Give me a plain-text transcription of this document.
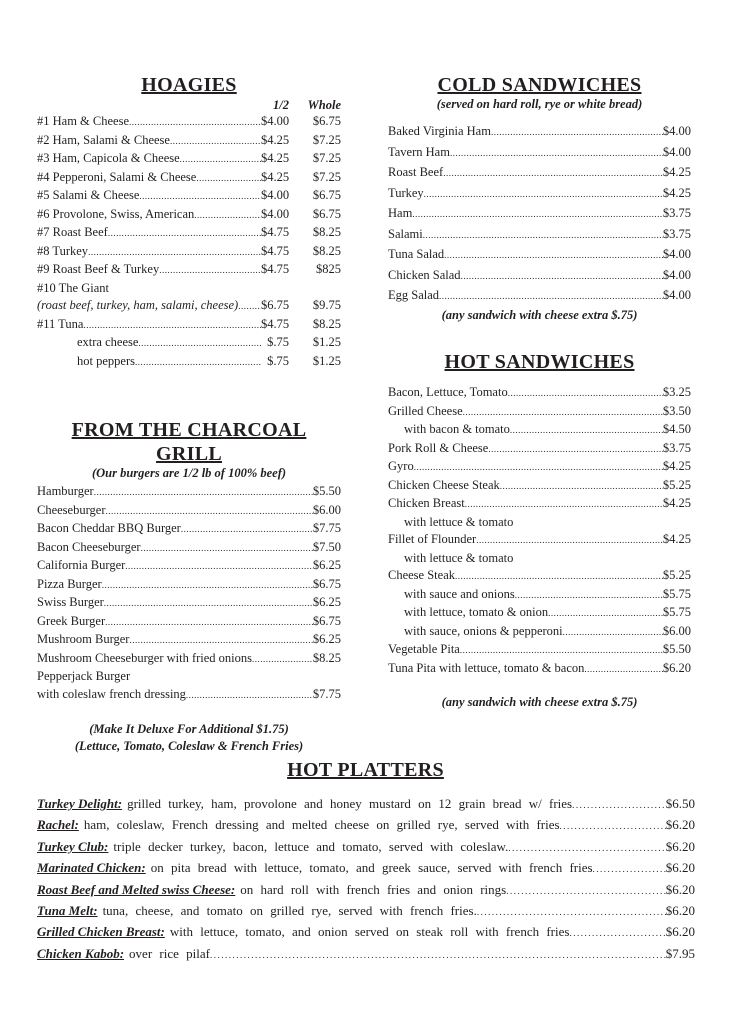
HOAGIES
1/2	Whole
#1 Ham & Cheese .....	$4.00	$6.75
#2 Ham, Salami & Cheese .....	$4.25	$7.25
#3 Ham, Capicola & Cheese .....	$4.25	$7.25
#4 Pepperoni, Salami & Cheese .....	$4.25	$7.25
#5 Salami & Cheese .....	$4.00	$6.75
#6 Provolone, Swiss, American .....	$4.00	$6.75
#7 Roast Beef .....	$4.75	$8.25
#8 Turkey .....	$4.75	$8.25
#9 Roast Beef & Turkey .....	$4.75	$825
#10 The Giant
(roast beef, turkey, ham, salami, cheese) ..... $6.75	$9.75
#11 Tuna .....	$4.75	$8.25
extra cheese .....	$.75	$1.25
hot peppers .....	$.75	$1.25
FROM THE CHARCOAL GRILL
(Our burgers are 1/2 lb of 100% beef)
Hamburger .....	$5.50
Cheeseburger .....	$6.00
Bacon Cheddar BBQ Burger .....	$7.75
Bacon Cheeseburger .....	$7.50
California Burger .....	$6.25
Pizza Burger .....	$6.75
Swiss Burger .....	$6.25
Greek Burger .....	$6.75
Mushroom Burger .....	$6.25
Mushroom Cheeseburger with fried onions .....	$8.25
Pepperjack Burger
with coleslaw french dressing .....	$7.75
(Make It Deluxe For Additional $1.75)
(Lettuce, Tomato, Coleslaw & French Fries)
COLD SANDWICHES
(served on hard roll, rye or white bread)
Baked Virginia Ham .....	$4.00
Tavern Ham .....	$4.00
Roast Beef .....	$4.25
Turkey .....	$4.25
Ham .....	$3.75
Salami .....	$3.75
Tuna Salad .....	$4.00
Chicken Salad .....	$4.00
Egg Salad .....	$4.00
(any sandwich with cheese extra $.75)
HOT SANDWICHES
Bacon, Lettuce, Tomato .....	$3.25
Grilled Cheese .....	$3.50
with bacon & tomato .....	$4.50
Pork Roll & Cheese .....	$3.75
Gyro .....	$4.25
Chicken Cheese Steak .....	$5.25
Chicken Breast .....	$4.25
with lettuce & tomato
Fillet of Flounder .....	$4.25
with lettuce & tomato
Cheese Steak .....	$5.25
with sauce and onions .....	$5.75
with lettuce, tomato & onion .....	$5.75
with sauce, onions & pepperoni .....	$6.00
Vegetable Pita .....	$5.50
Tuna Pita with lettuce, tomato & bacon .....	$6.20
(any sandwich with cheese extra $.75)
HOT PLATTERS
Turkey Delight: grilled turkey, ham, provolone and honey mustard on 12 grain bread w/ fries .....	$6.50
Rachel: ham, coleslaw, French dressing and melted cheese on grilled rye, served with fries .....	$6.20
Turkey Club: triple decker turkey, bacon, lettuce and tomato, served with coleslaw. .....	$6.20
Marinated Chicken: on pita bread with lettuce, tomato, and greek sauce, served with french fries .....	$6.20
Roast Beef and Melted swiss Cheese: on hard roll with french fries and onion rings .....	$6.20
Tuna Melt: tuna, cheese, and tomato on grilled rye, served with french fries. .....	$6.20
Grilled Chicken Breast: with lettuce, tomato, and onion served on steak roll with french fries .....	$6.20
Chicken Kabob: over rice pilaf .....	$7.95
